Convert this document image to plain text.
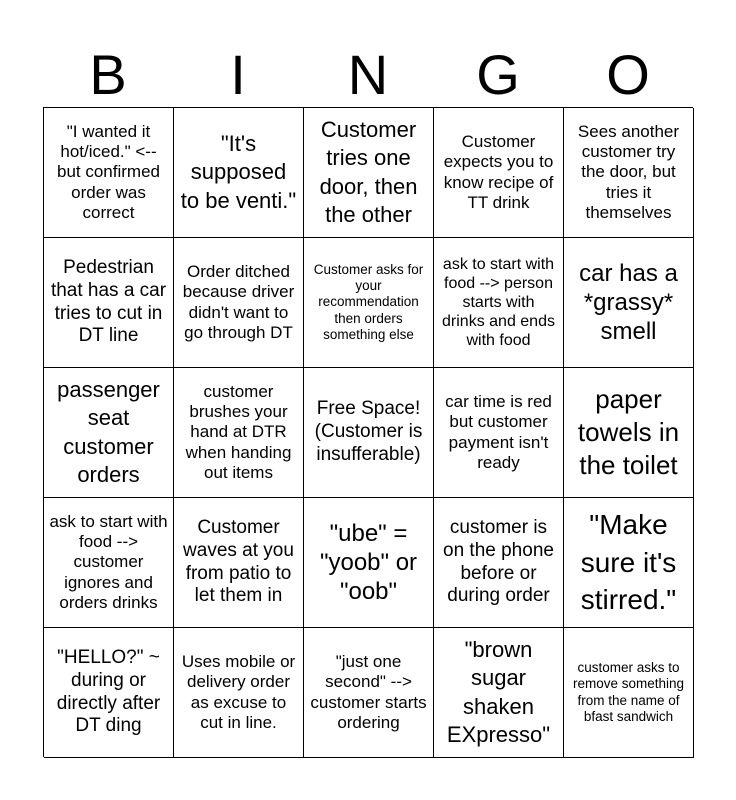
B	I	N	G	O
"I wanted it hot/iced." <-- but confirmed order was correct
"It's supposed to be venti."
Customer tries one door, then the other
Customer expects you to know recipe of TT drink
Sees another customer try the door, but tries it themselves
Pedestrian that has a car tries to cut in DT line
Order ditched because driver didn't want to go through DT
Customer asks for your recommendation then orders something else
ask to start with food --> person starts with drinks and ends with food
car has a *grassy* smell
passenger seat customer orders
customer brushes your hand at DTR when handing out items
Free Space! (Customer is insufferable)
car time is red but customer payment isn't ready
paper towels in the toilet
ask to start with food --> customer ignores and orders drinks
Customer waves at you from patio to let them in
"ube" = "yoob" or "oob"
customer is on the phone before or during order
"Make sure it's stirred."
"HELLO?" ~ during or directly after DT ding
Uses mobile or delivery order as excuse to cut in line.
"just one second" --> customer starts ordering
"brown sugar shaken EXpresso"
customer asks to remove something from the name of bfast sandwich
